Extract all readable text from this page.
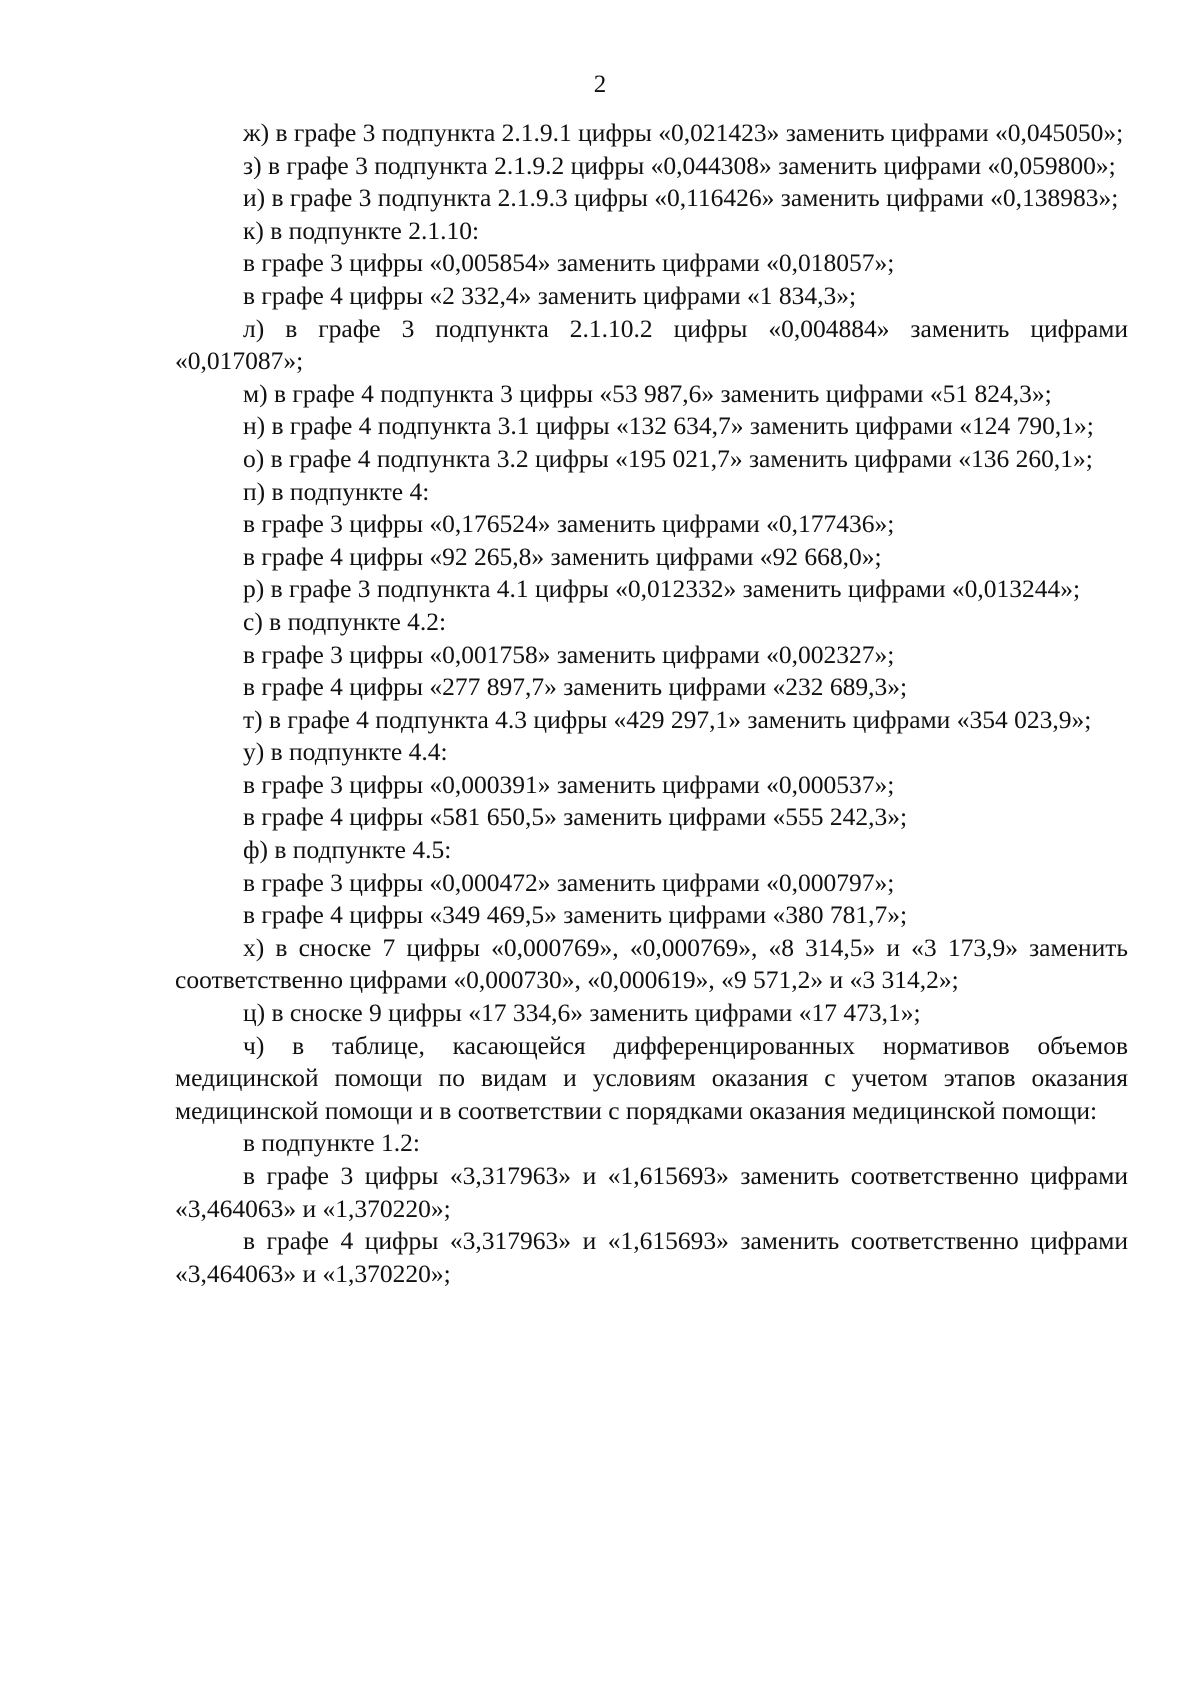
2

ж) в графе 3 подпункта 2.1.9.1 цифры «0,021423» заменить цифрами «0,045050»;

з) в графе 3 подпункта 2.1.9.2 цифры «0,044308» заменить цифрами «0,059800»;

и) в графе 3 подпункта 2.1.9.3 цифры «0,116426» заменить цифрами «0,138983»;

к) в подпункте 2.1.10:

в графе 3 цифры «0,005854» заменить цифрами «0,018057»;

в графе 4 цифры «2 332,4» заменить цифрами «1 834,3»;

л) в графе 3 подпункта 2.1.10.2 цифры «0,004884» заменить цифрами «0,017087»;

м) в графе 4 подпункта 3 цифры «53 987,6» заменить цифрами «51 824,3»;

н) в графе 4 подпункта 3.1 цифры «132 634,7» заменить цифрами «124 790,1»;

о) в графе 4 подпункта 3.2 цифры «195 021,7» заменить цифрами «136 260,1»;

п) в подпункте 4:

в графе 3 цифры «0,176524» заменить цифрами «0,177436»;

в графе 4 цифры «92 265,8» заменить цифрами «92 668,0»;

р) в графе 3 подпункта 4.1 цифры «0,012332» заменить цифрами «0,013244»;

с) в подпункте 4.2:

в графе 3 цифры «0,001758» заменить цифрами «0,002327»;

в графе 4 цифры «277 897,7» заменить цифрами «232 689,3»;

т) в графе 4 подпункта 4.3 цифры «429 297,1» заменить цифрами «354 023,9»;

у) в подпункте 4.4:

в графе 3 цифры «0,000391» заменить цифрами «0,000537»;

в графе 4 цифры «581 650,5» заменить цифрами «555 242,3»;

ф) в подпункте 4.5:

в графе 3 цифры «0,000472» заменить цифрами «0,000797»;

в графе 4 цифры «349 469,5» заменить цифрами «380 781,7»;

х) в сноске 7 цифры «0,000769», «0,000769», «8 314,5» и «3 173,9» заменить соответственно цифрами «0,000730», «0,000619», «9 571,2» и «3 314,2»;

ц) в сноске 9 цифры «17 334,6» заменить цифрами «17 473,1»;

ч) в таблице, касающейся дифференцированных нормативов объемов медицинской помощи по видам и условиям оказания с учетом этапов оказания медицинской помощи и в соответствии с порядками оказания медицинской помощи:

в подпункте 1.2:

в графе 3 цифры «3,317963» и «1,615693» заменить соответственно цифрами «3,464063» и «1,370220»;

в графе 4 цифры «3,317963» и «1,615693» заменить соответственно цифрами «3,464063» и «1,370220»;
